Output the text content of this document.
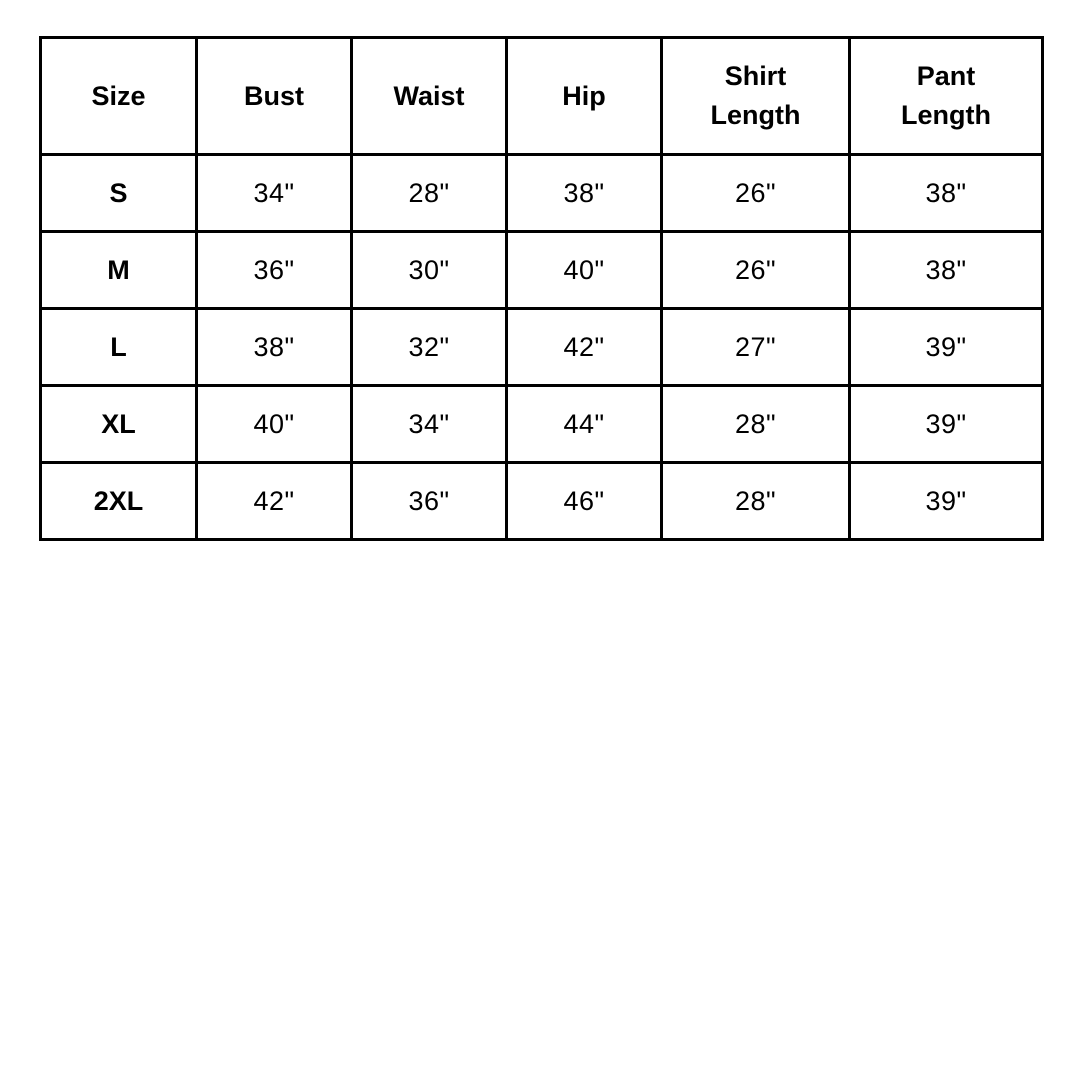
Size	Bust	Waist	Hip	Shirt Length	Pant Length
S	34"	28"	38"	26"	38"
M	36"	30"	40"	26"	38"
L	38"	32"	42"	27"	39"
XL	40"	34"	44"	28"	39"
2XL	42"	36"	46"	28"	39"
